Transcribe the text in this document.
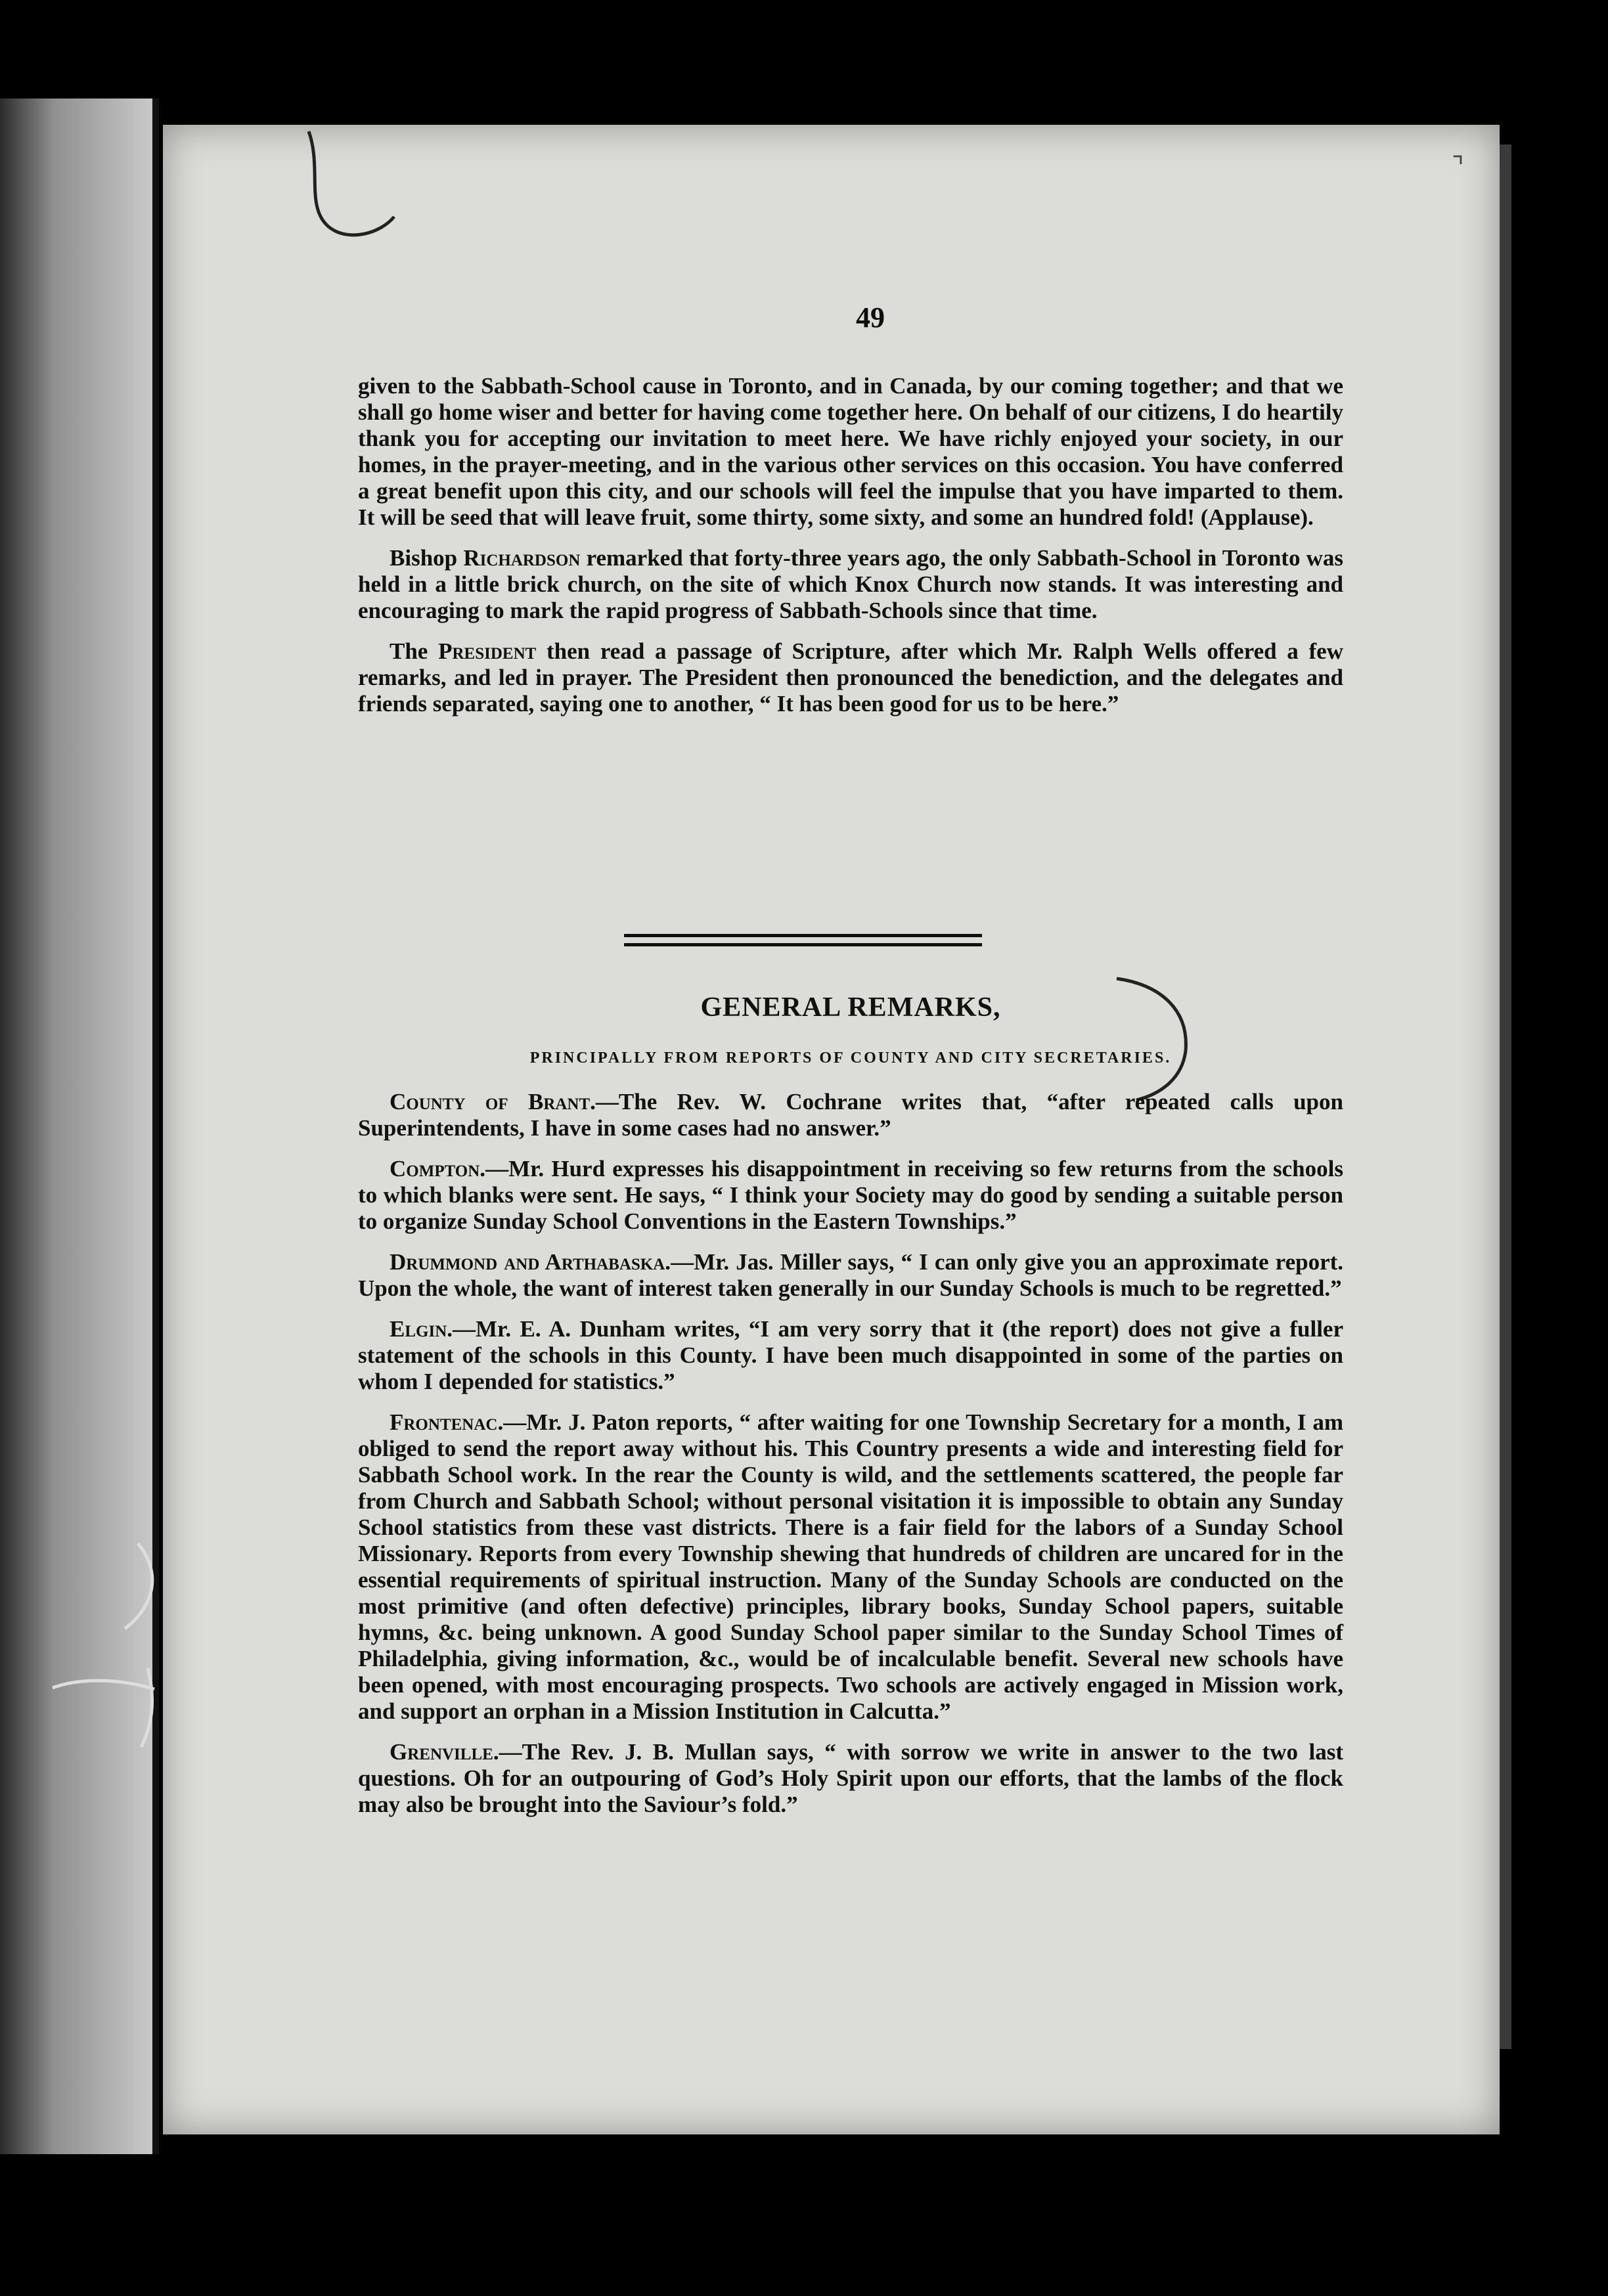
⌝
49

given to the Sabbath-School cause in Toronto, and in Canada, by our coming together; and that we shall go home wiser and better for having come together here. On behalf of our citizens, I do heartily thank you for accepting our invitation to meet here. We have richly enjoyed your society, in our homes, in the prayer-meeting, and in the various other services on this occasion. You have conferred a great benefit upon this city, and our schools will feel the impulse that you have imparted to them. It will be seed that will leave fruit, some thirty, some sixty, and some an hundred fold! (Applause).

Bishop Richardson remarked that forty-three years ago, the only Sabbath-School in Toronto was held in a little brick church, on the site of which Knox Church now stands. It was interesting and encouraging to mark the rapid progress of Sabbath-Schools since that time.

The President then read a passage of Scripture, after which Mr. Ralph Wells offered a few remarks, and led in prayer. The President then pronounced the benediction, and the delegates and friends separated, saying one to another, “ It has been good for us to be here.”

GENERAL REMARKS,
PRINCIPALLY FROM REPORTS OF COUNTY AND CITY SECRETARIES.

County of Brant.—The Rev. W. Cochrane writes that, “after repeated calls upon Superintendents, I have in some cases had no answer.”

Compton.—Mr. Hurd expresses his disappointment in receiving so few returns from the schools to which blanks were sent. He says, “ I think your Society may do good by sending a suitable person to organize Sunday School Conventions in the Eastern Townships.”

Drummond and Arthabaska.—Mr. Jas. Miller says, “ I can only give you an approximate report. Upon the whole, the want of interest taken generally in our Sunday Schools is much to be regretted.”

Elgin.—Mr. E. A. Dunham writes, “I am very sorry that it (the report) does not give a fuller statement of the schools in this County. I have been much disappointed in some of the parties on whom I depended for statistics.”

Frontenac.—Mr. J. Paton reports, “ after waiting for one Township Secretary for a month, I am obliged to send the report away without his. This Country presents a wide and interesting field for Sabbath School work. In the rear the County is wild, and the settlements scattered, the people far from Church and Sabbath School; without personal visitation it is impossible to obtain any Sunday School statistics from these vast districts. There is a fair field for the labors of a Sunday School Missionary. Reports from every Township shewing that hundreds of children are uncared for in the essential requirements of spiritual instruction. Many of the Sunday Schools are conducted on the most primitive (and often defective) principles, library books, Sunday School papers, suitable hymns, &c. being unknown. A good Sunday School paper similar to the Sunday School Times of Philadelphia, giving information, &c., would be of incalculable benefit. Several new schools have been opened, with most encouraging prospects. Two schools are actively engaged in Mission work, and support an orphan in a Mission Institution in Calcutta.”

Grenville.—The Rev. J. B. Mullan says, “ with sorrow we write in answer to the two last questions. Oh for an outpouring of God’s Holy Spirit upon our efforts, that the lambs of the flock may also be brought into the Saviour’s fold.”
